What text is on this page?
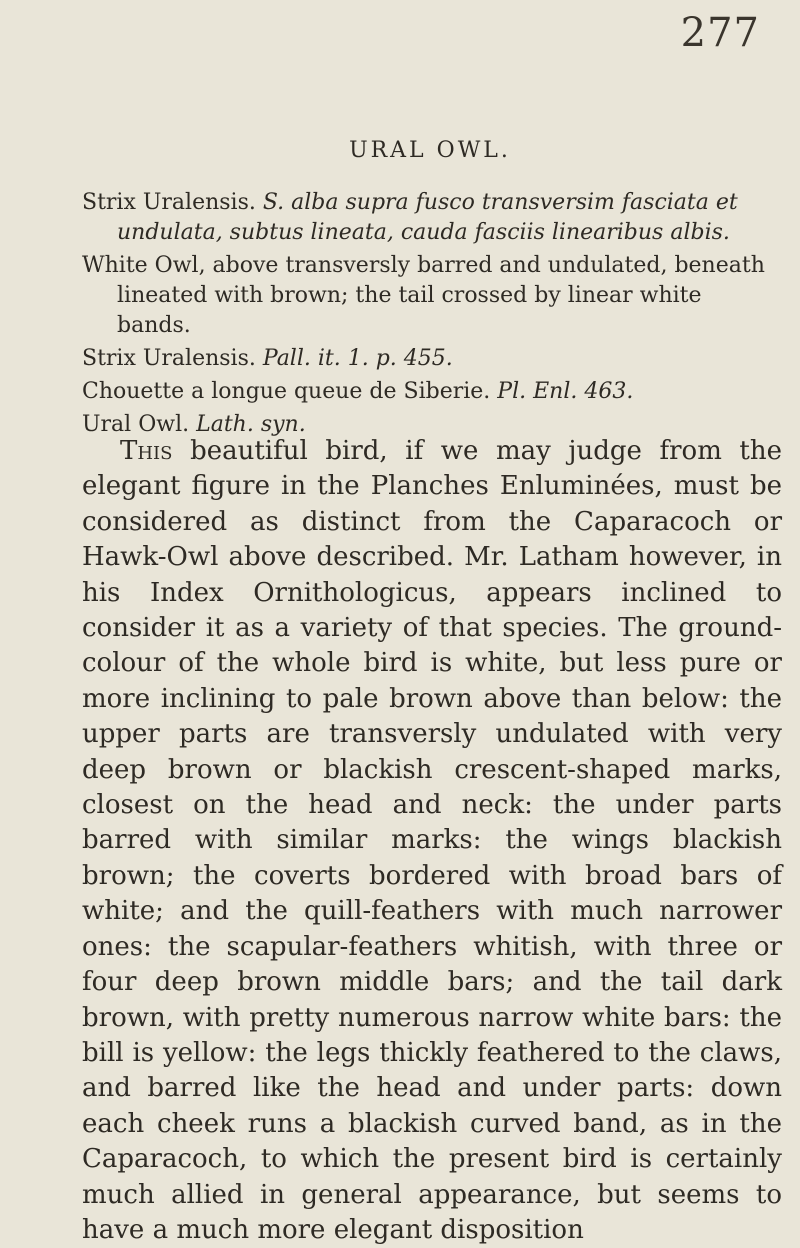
277
URAL OWL.

Strix Uralensis. S. alba supra fusco transversim fasciata et undulata, subtus lineata, cauda fasciis linearibus albis.

White Owl, above transversly barred and undulated, beneath lineated with brown; the tail crossed by linear white bands.

Strix Uralensis. Pall. it. 1. p. 455.

Chouette a longue queue de Siberie. Pl. Enl. 463.

Ural Owl. Lath. syn.

This beautiful bird, if we may judge from the elegant figure in the Planches Enluminées, must be considered as distinct from the Caparacoch or Hawk-Owl above described. Mr. Latham however, in his Index Ornithologicus, appears inclined to consider it as a variety of that species. The ground-colour of the whole bird is white, but less pure or more inclining to pale brown above than below: the upper parts are transversly undulated with very deep brown or blackish crescent-shaped marks, closest on the head and neck: the under parts barred with similar marks: the wings blackish brown; the coverts bordered with broad bars of white; and the quill-feathers with much narrower ones: the scapular-feathers whitish, with three or four deep brown middle bars; and the tail dark brown, with pretty numerous narrow white bars: the bill is yellow: the legs thickly feathered to the claws, and barred like the head and under parts: down each cheek runs a blackish curved band, as in the Caparacoch, to which the present bird is certainly much allied in general appearance, but seems to have a much more elegant disposition
